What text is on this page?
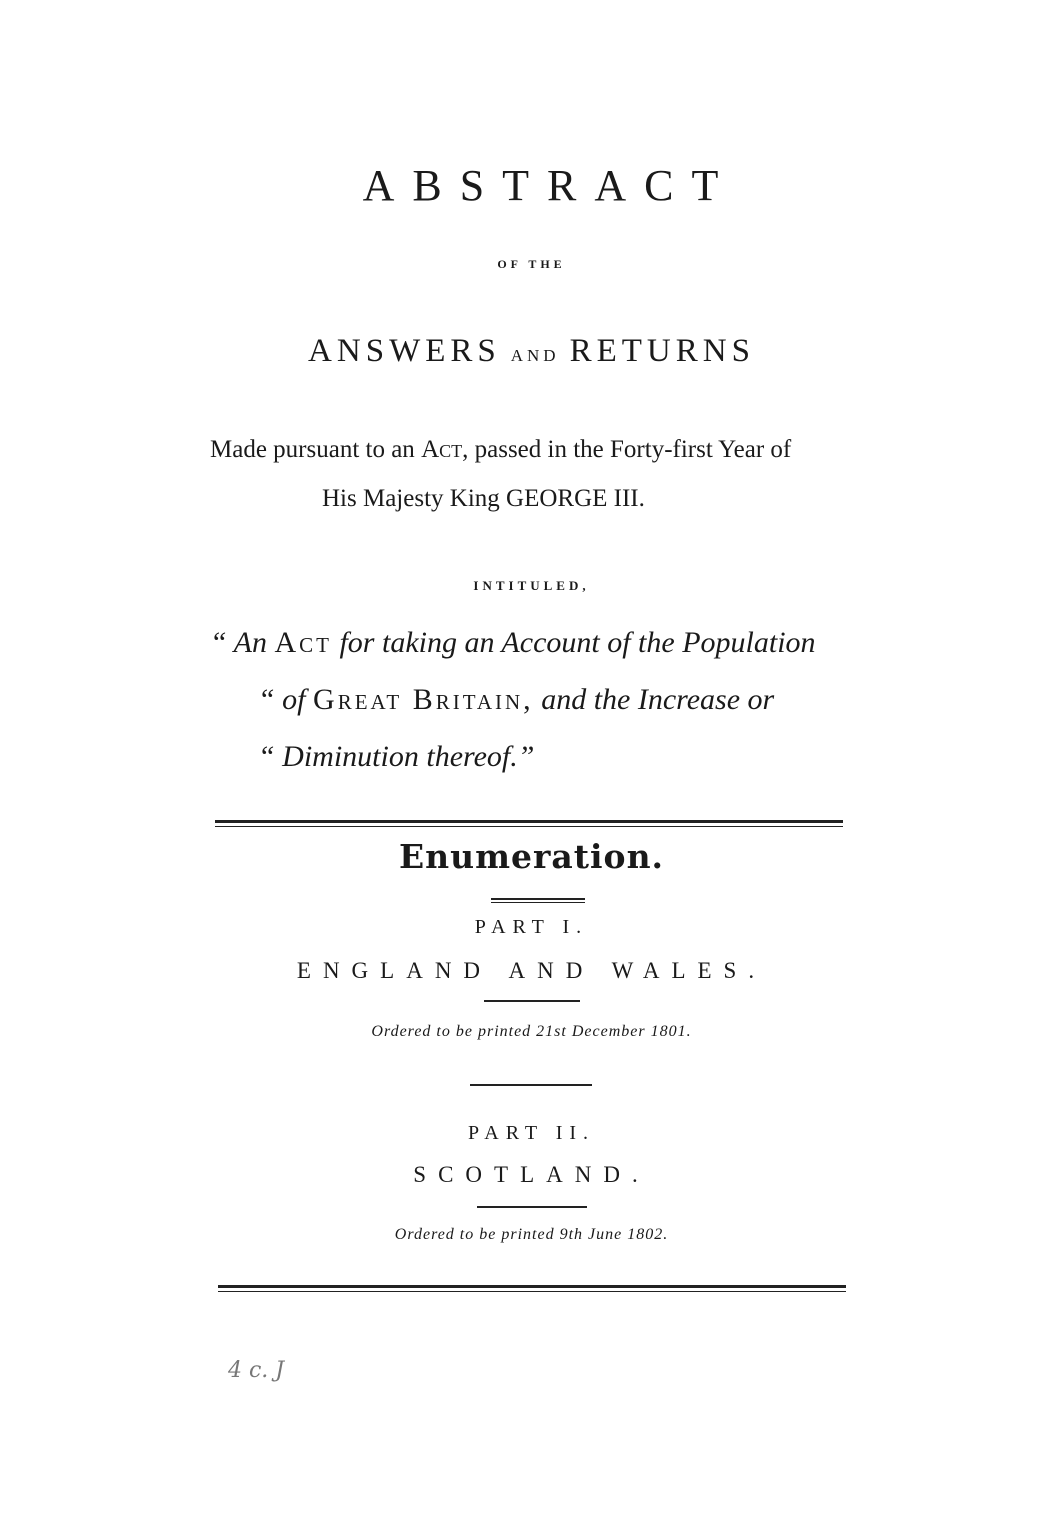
ABSTRACT
OF THE
ANSWERS AND RETURNS
Made pursuant to an Act, passed in the Forty-first Year of
His Majesty King GEORGE III.
INTITULED,
“ An Act for taking an Account of the Population
“ of Great Britain, and the Increase or
“ Diminution thereof.”
Enumeration.
PART I.
ENGLAND AND WALES.
Ordered to be printed 21st December 1801.
PART II.
SCOTLAND.
Ordered to be printed 9th June 1802.
4 c. J
